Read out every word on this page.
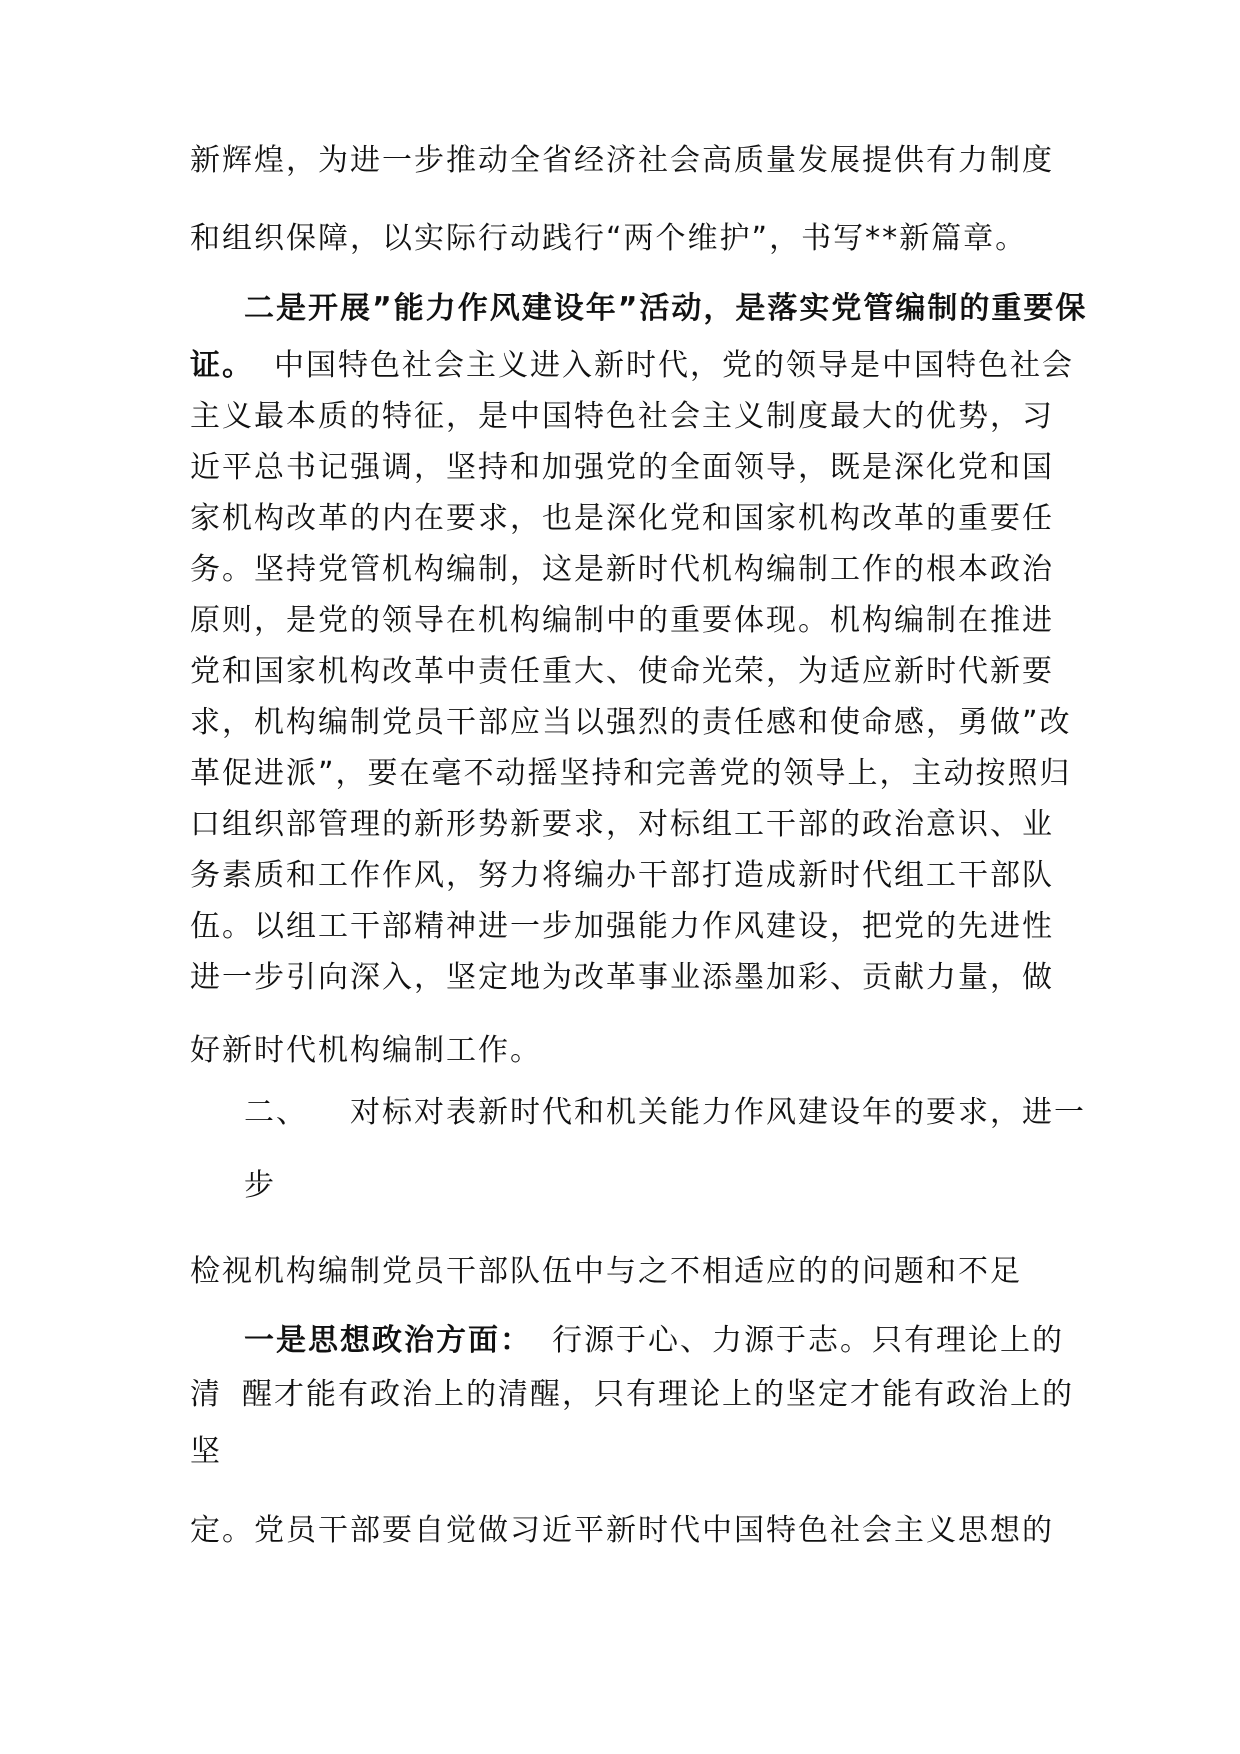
新辉煌，为进一步推动全省经济社会高质量发展提供有力制度
和组织保障，以实际行动践行“两个维护”，书写**新篇章。
二是开展”能力作风建设年”活动，是落实党管编制的重要保
证。 中国特色社会主义进入新时代，党的领导是中国特色社会
主义最本质的特征，是中国特色社会主义制度最大的优势，习
近平总书记强调，坚持和加强党的全面领导，既是深化党和国
家机构改革的内在要求，也是深化党和国家机构改革的重要任
务。坚持党管机构编制，这是新时代机构编制工作的根本政治
原则，是党的领导在机构编制中的重要体现。机构编制在推进
党和国家机构改革中责任重大、使命光荣，为适应新时代新要
求，机构编制党员干部应当以强烈的责任感和使命感，勇做”改
革促进派”，要在毫不动摇坚持和完善党的领导上，主动按照归
口组织部管理的新形势新要求，对标组工干部的政治意识、业
务素质和工作作风，努力将编办干部打造成新时代组工干部队
伍。以组工干部精神进一步加强能力作风建设，把党的先进性
进一步引向深入，坚定地为改革事业添墨加彩、贡献力量，做
好新时代机构编制工作。
二、 对标对表新时代和机关能力作风建设年的要求，进一
步
检视机构编制党员干部队伍中与之不相适应的的问题和不足
一是思想政治方面： 行源于心、力源于志。只有理论上的
清 醒才能有政治上的清醒，只有理论上的坚定才能有政治上的
坚
定。党员干部要自觉做习近平新时代中国特色社会主义思想的
